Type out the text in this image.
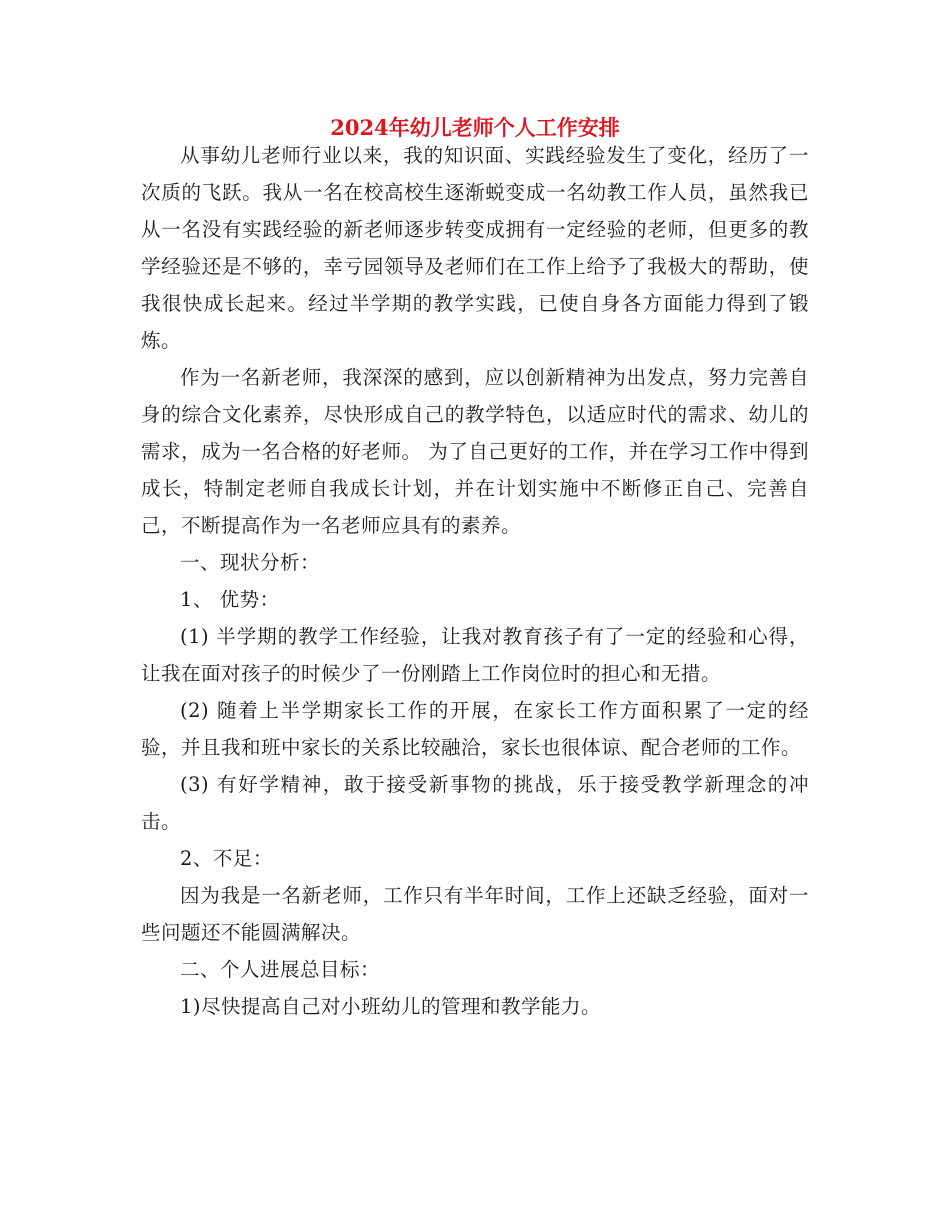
2024年幼儿老师个人工作安排

从事幼儿老师行业以来，我的知识面、实践经验发生了变化，经历了一次质的飞跃。我从一名在校高校生逐渐蜕变成一名幼教工作人员，虽然我已从一名没有实践经验的新老师逐步转变成拥有一定经验的老师，但更多的教学经验还是不够的，幸亏园领导及老师们在工作上给予了我极大的帮助，使我很快成长起来。经过半学期的教学实践，已使自身各方面能力得到了锻炼。

作为一名新老师，我深深的感到，应以创新精神为出发点，努力完善自身的综合文化素养，尽快形成自己的教学特色，以适应时代的需求、幼儿的需求，成为一名合格的好老师。 为了自己更好的工作，并在学习工作中得到成长，特制定老师自我成长计划，并在计划实施中不断修正自己、完善自己，不断提高作为一名老师应具有的素养。

一、现状分析：

1、 优势：

(1) 半学期的教学工作经验，让我对教育孩子有了一定的经验和心得，让我在面对孩子的时候少了一份刚踏上工作岗位时的担心和无措。

(2) 随着上半学期家长工作的开展，在家长工作方面积累了一定的经验，并且我和班中家长的关系比较融洽，家长也很体谅、配合老师的工作。

(3) 有好学精神，敢于接受新事物的挑战，乐于接受教学新理念的冲击。

2、不足：

因为我是一名新老师，工作只有半年时间，工作上还缺乏经验，面对一些问题还不能圆满解决。

二、个人进展总目标：

1)尽快提高自己对小班幼儿的管理和教学能力。
